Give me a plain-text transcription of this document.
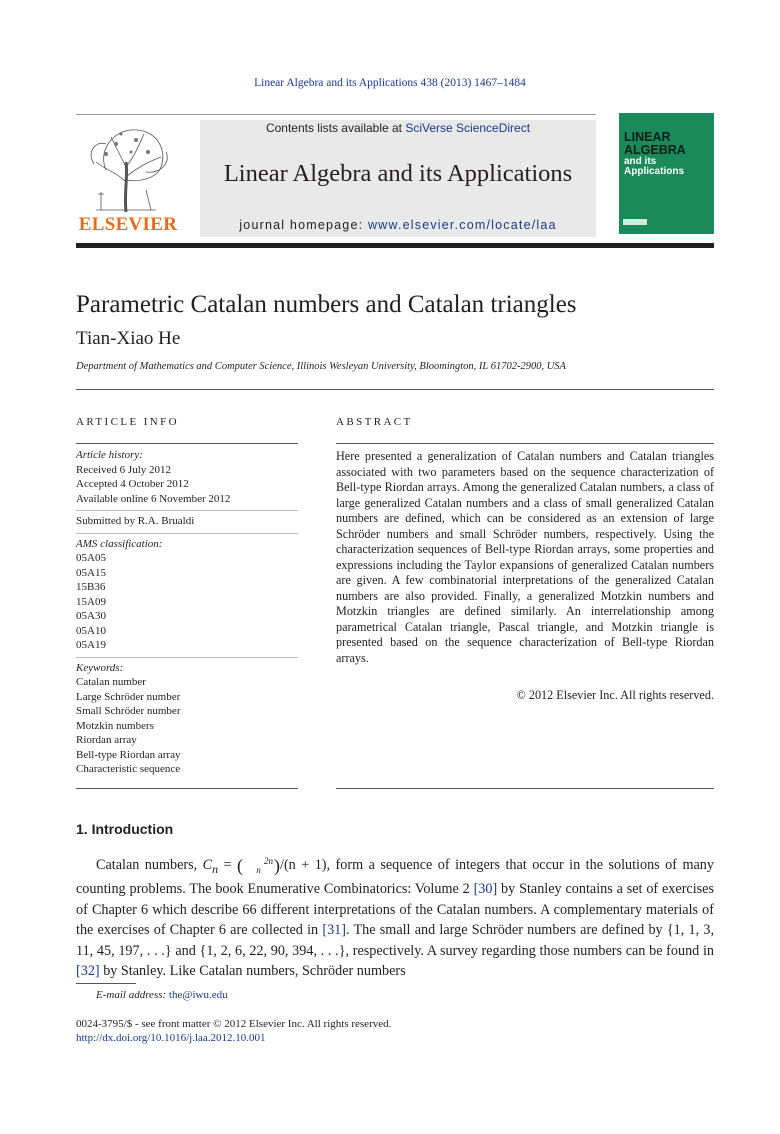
Linear Algebra and its Applications 438 (2013) 1467–1484
ELSEVIER
Contents lists available at SciVerse ScienceDirect
Linear Algebra and its Applications
journal homepage: www.elsevier.com/locate/laa
LINEAR
ALGEBRA
and its
Applications
Parametric Catalan numbers and Catalan triangles
Tian-Xiao He
Department of Mathematics and Computer Science, Illinois Wesleyan University, Bloomington, IL 61702-2900, USA
ARTICLE INFO	ABSTRACT
Article history:
Received 6 July 2012
Accepted 4 October 2012
Available online 6 November 2012
Submitted by R.A. Brualdi
AMS classification:
05A05
05A15
15B36
15A09
05A30
05A10
05A19
Keywords:
Catalan number
Large Schröder number
Small Schröder number
Motzkin numbers
Riordan array
Bell-type Riordan array
Characteristic sequence
Here presented a generalization of Catalan numbers and Catalan triangles associated with two parameters based on the sequence characterization of Bell-type Riordan arrays. Among the generalized Catalan numbers, a class of large generalized Catalan numbers and a class of small generalized Catalan numbers are defined, which can be considered as an extension of large Schröder numbers and small Schröder numbers, respectively. Using the characterization sequences of Bell-type Riordan arrays, some properties and expressions including the Taylor expansions of generalized Catalan numbers are given. A few combinatorial interpretations of the generalized Catalan numbers are also provided. Finally, a generalized Motzkin numbers and Motzkin triangles are defined similarly. An interrelationship among parametrical Catalan triangle, Pascal triangle, and Motzkin triangle is presented based on the sequence characterization of Bell-type Riordan arrays.
© 2012 Elsevier Inc. All rights reserved.
1. Introduction
Catalan numbers, $C_n$ = ( 2n
n )/(n + 1), form a sequence of integers that occur in the solutions of many counting problems. The book Enumerative Combinatorics: Volume 2 [30] by Stanley contains a set of exercises of Chapter 6 which describe 66 different interpretations of the Catalan numbers. A complementary materials of the exercises of Chapter 6 are collected in [31]. The small and large Schröder numbers are defined by {1, 1, 3, 11, 45, 197, . . .} and {1, 2, 6, 22, 90, 394, . . .}, respectively. A survey regarding those numbers can be found in [32] by Stanley. Like Catalan numbers, Schröder numbers
E-mail address: the@iwu.edu
0024-3795/$ - see front matter © 2012 Elsevier Inc. All rights reserved.
http://dx.doi.org/10.1016/j.laa.2012.10.001
